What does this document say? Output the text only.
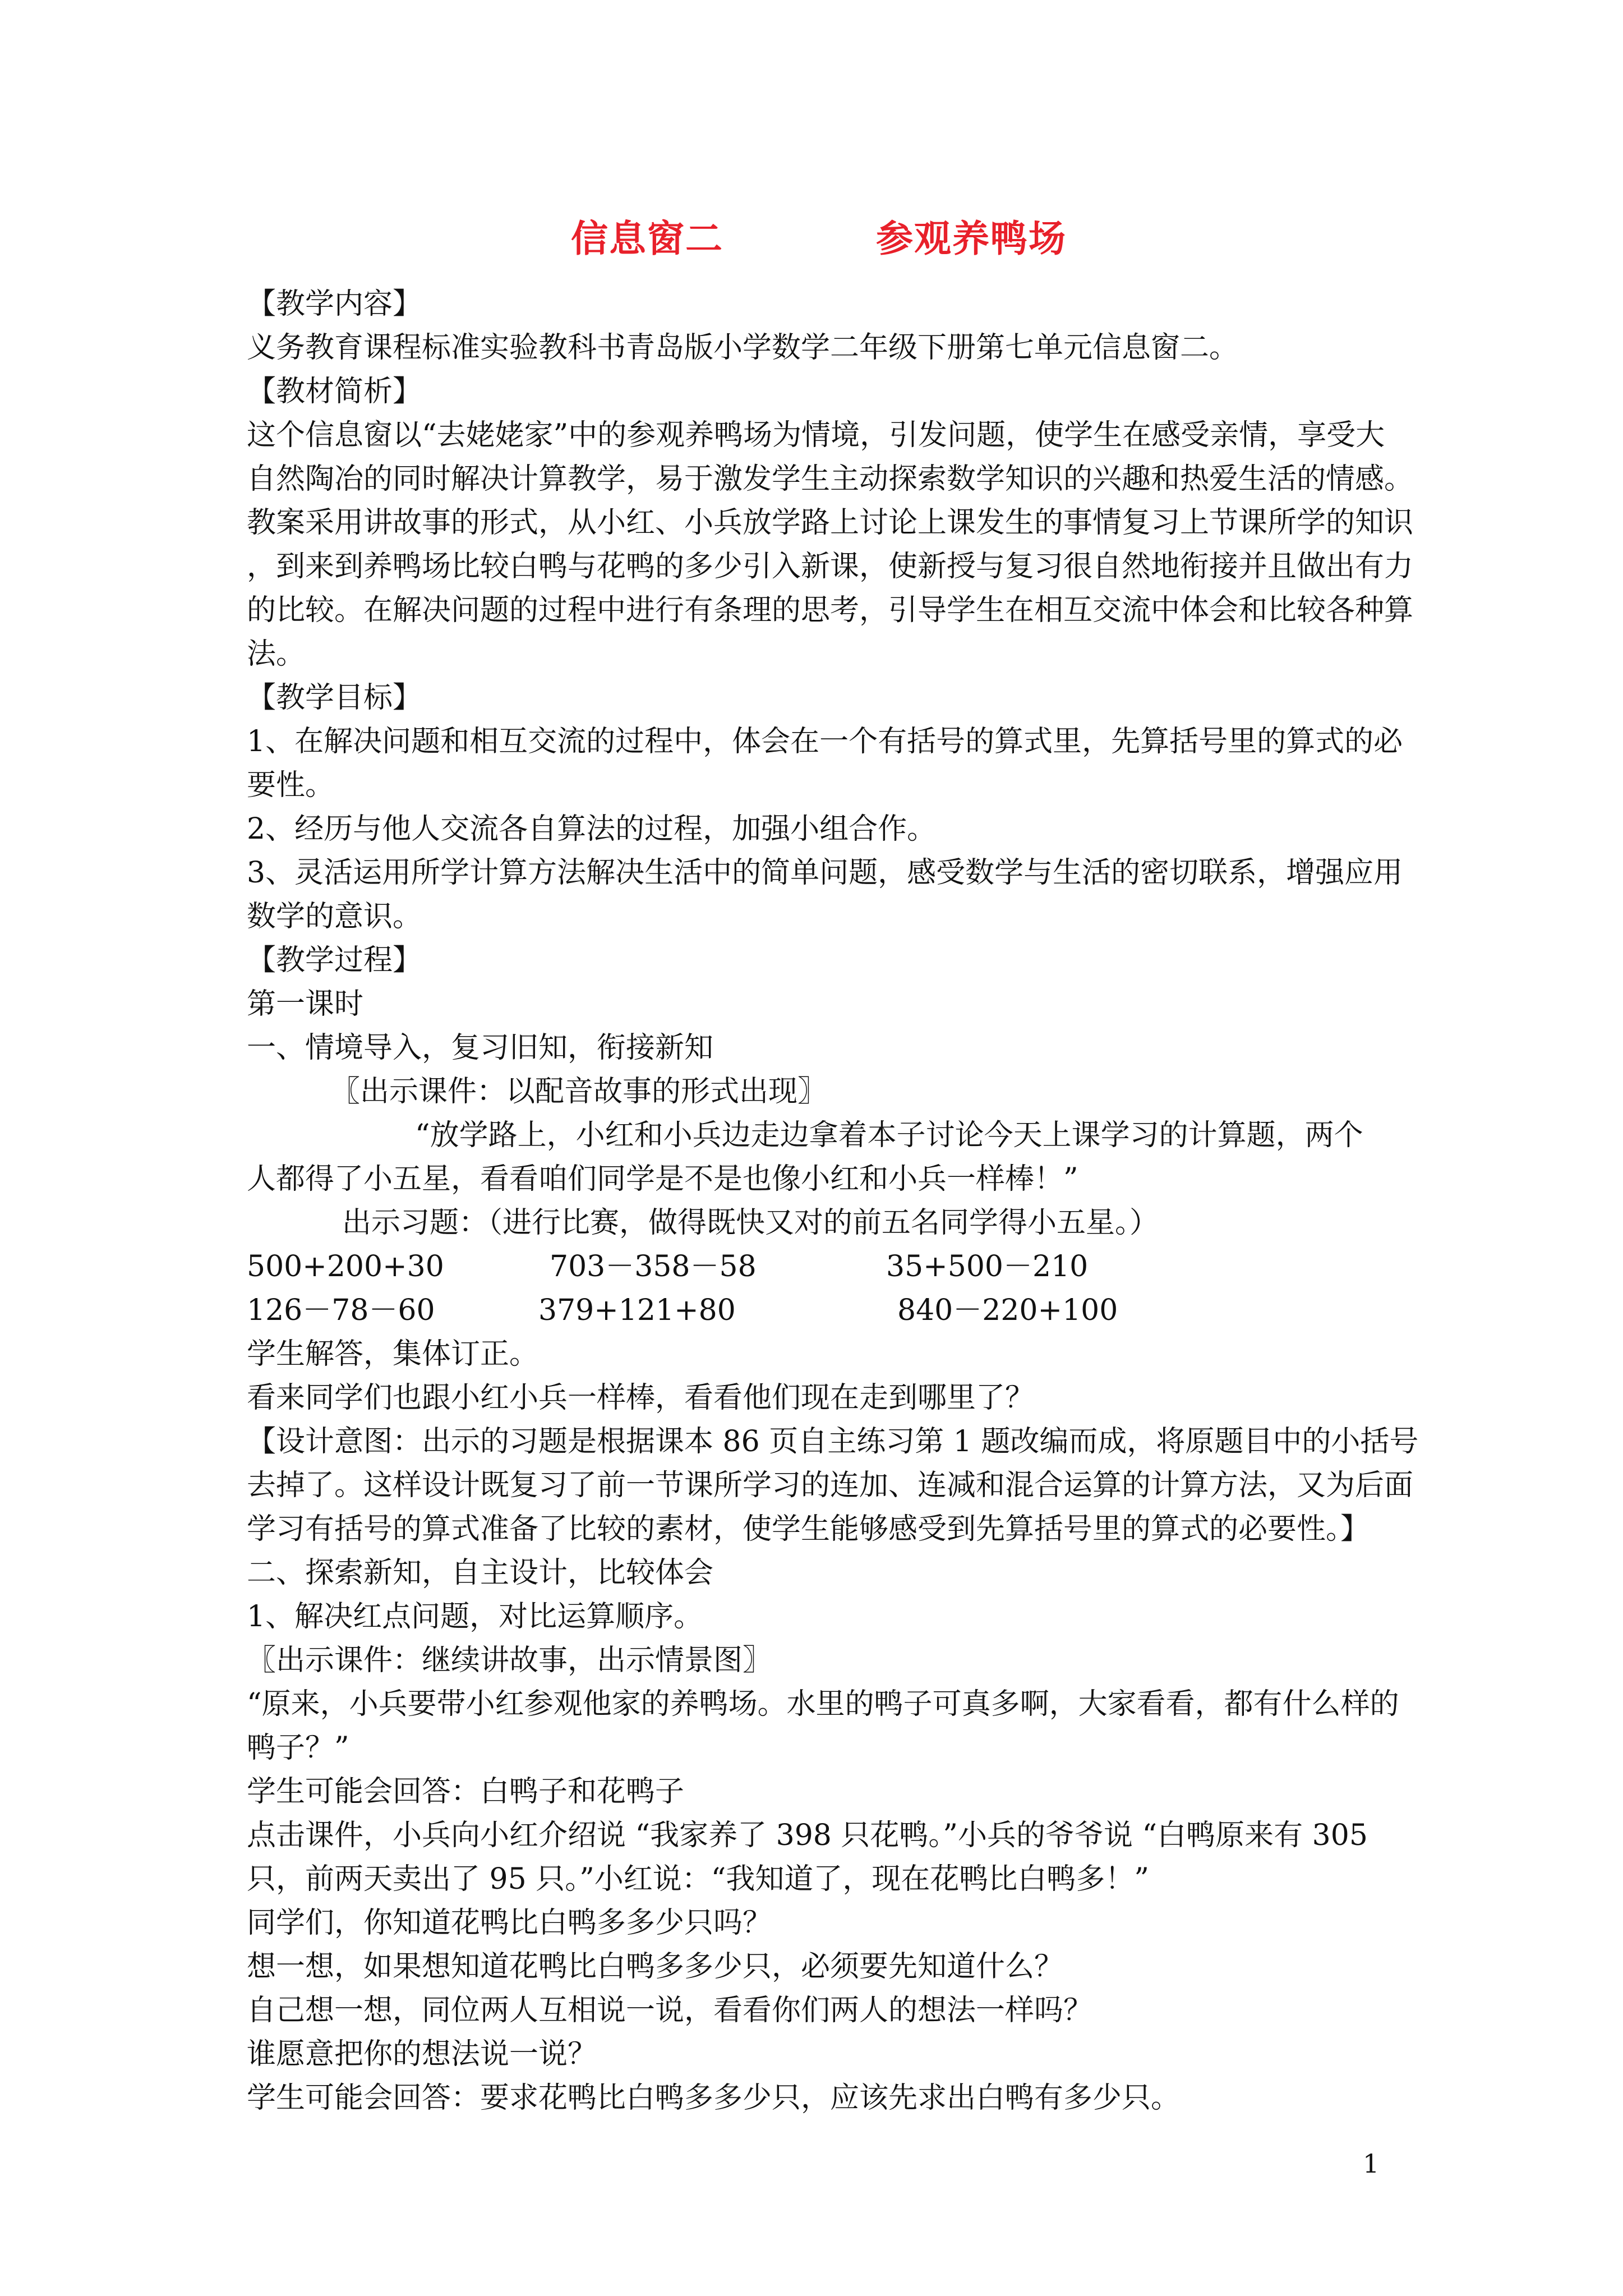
信息窗二　　　　参观养鸭场
【教学内容】
义务教育课程标准实验教科书青岛版小学数学二年级下册第七单元信息窗二。
【教材简析】
这个信息窗以“去姥姥家”中的参观养鸭场为情境，引发问题，使学生在感受亲情，享受大
自然陶冶的同时解决计算教学，易于激发学生主动探索数学知识的兴趣和热爱生活的情感。
教案采用讲故事的形式，从小红、小兵放学路上讨论上课发生的事情复习上节课所学的知识
，到来到养鸭场比较白鸭与花鸭的多少引入新课，使新授与复习很自然地衔接并且做出有力
的比较。在解决问题的过程中进行有条理的思考，引导学生在相互交流中体会和比较各种算
法。
【教学目标】
1、在解决问题和相互交流的过程中，体会在一个有括号的算式里，先算括号里的算式的必
要性。
2、经历与他人交流各自算法的过程，加强小组合作。
3、灵活运用所学计算方法解决生活中的简单问题，感受数学与生活的密切联系，增强应用
数学的意识。
【教学过程】
第一课时
一、情境导入，复习旧知，衔接新知
〖出示课件：以配音故事的形式出现〗
“放学路上，小红和小兵边走边拿着本子讨论今天上课学习的计算题，两个
人都得了小五星，看看咱们同学是不是也像小红和小兵一样棒！”
出示习题：（进行比赛，做得既快又对的前五名同学得小五星。）
500+200+30	703－358－58	35+500－210
126－78－60	379+121+80	840－220+100
学生解答，集体订正。
看来同学们也跟小红小兵一样棒，看看他们现在走到哪里了？
【设计意图：出示的习题是根据课本 86 页自主练习第 1 题改编而成，将原题目中的小括号
去掉了。这样设计既复习了前一节课所学习的连加、连减和混合运算的计算方法，又为后面
学习有括号的算式准备了比较的素材，使学生能够感受到先算括号里的算式的必要性。】
二、探索新知，自主设计，比较体会
1、解决红点问题，对比运算顺序。
〖出示课件：继续讲故事，出示情景图〗
“原来，小兵要带小红参观他家的养鸭场。水里的鸭子可真多啊，大家看看，都有什么样的
鸭子？”
学生可能会回答：白鸭子和花鸭子
点击课件，小兵向小红介绍说 “我家养了 398 只花鸭。”小兵的爷爷说 “白鸭原来有 305
只，前两天卖出了 95 只。”小红说：“我知道了，现在花鸭比白鸭多！”
同学们，你知道花鸭比白鸭多多少只吗？
想一想，如果想知道花鸭比白鸭多多少只，必须要先知道什么？
自己想一想，同位两人互相说一说，看看你们两人的想法一样吗？
谁愿意把你的想法说一说？
学生可能会回答：要求花鸭比白鸭多多少只，应该先求出白鸭有多少只。
1
